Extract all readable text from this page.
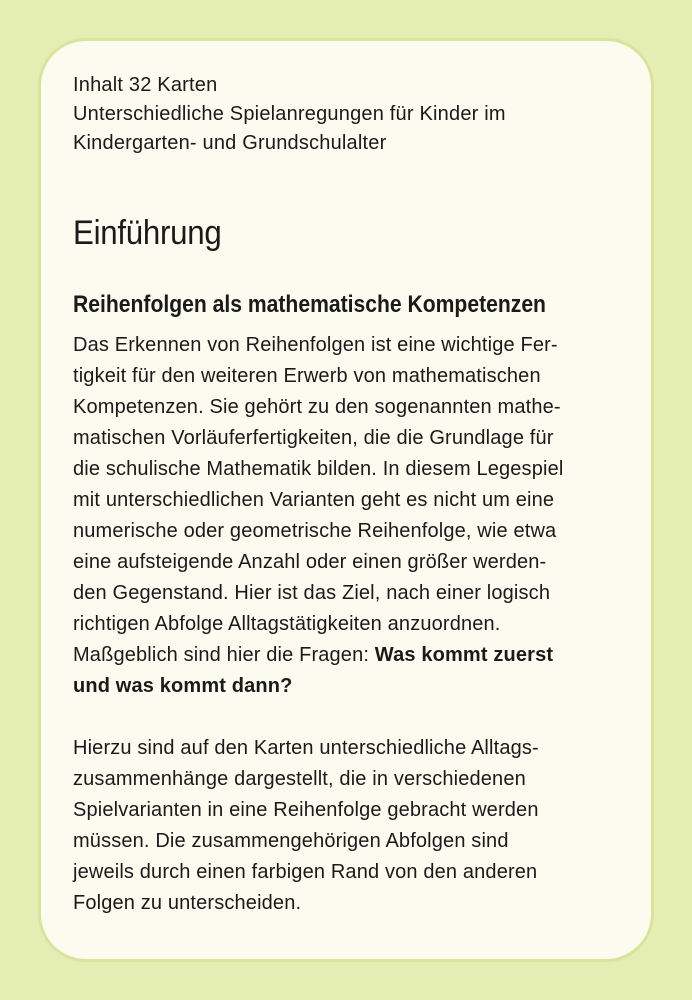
Inhalt 32 Karten
Unterschiedliche Spielanregungen für Kinder im
Kindergarten- und Grundschulalter
Einführung
Reihenfolgen als mathematische Kompetenzen
Das Erkennen von Reihenfolgen ist eine wichtige Fer-
tigkeit für den weiteren Erwerb von mathematischen
Kompetenzen. Sie gehört zu den sogenannten mathe-
matischen Vorläuferfertigkeiten, die die Grundlage für
die schulische Mathematik bilden. In diesem Legespiel
mit unterschiedlichen Varianten geht es nicht um eine
numerische oder geometrische Reihenfolge, wie etwa
eine aufsteigende Anzahl oder einen größer werden-
den Gegenstand. Hier ist das Ziel, nach einer logisch
richtigen Abfolge Alltagstätigkeiten anzuordnen.
Maßgeblich sind hier die Fragen: Was kommt zuerst
und was kommt dann?
Hierzu sind auf den Karten unterschiedliche Alltags-
zusammenhänge dargestellt, die in verschiedenen
Spielvarianten in eine Reihenfolge gebracht werden
müssen. Die zusammengehörigen Abfolgen sind
jeweils durch einen farbigen Rand von den anderen
Folgen zu unterscheiden.
